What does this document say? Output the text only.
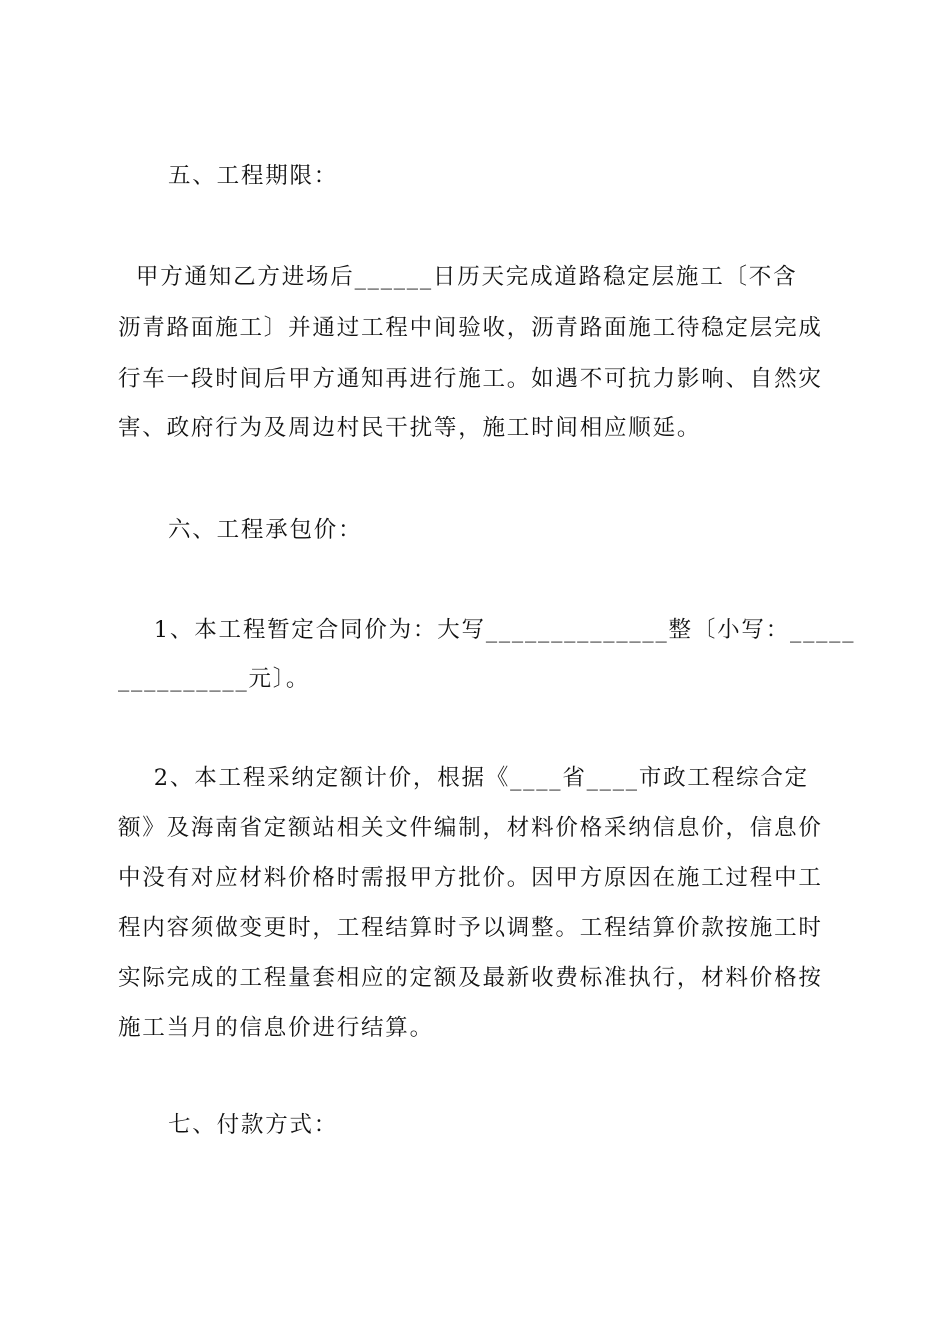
五、工程期限：
甲方通知乙方进场后______日历天完成道路稳定层施工〔不含
沥青路面施工〕并通过工程中间验收，沥青路面施工待稳定层完成
行车一段时间后甲方通知再进行施工。如遇不可抗力影响、自然灾
害、政府行为及周边村民干扰等，施工时间相应顺延。
六、工程承包价：
1、本工程暂定合同价为：大写______________整〔小写：_____
__________元〕。
2、本工程采纳定额计价，根据《____省____市政工程综合定
额》及海南省定额站相关文件编制，材料价格采纳信息价，信息价
中没有对应材料价格时需报甲方批价。因甲方原因在施工过程中工
程内容须做变更时，工程结算时予以调整。工程结算价款按施工时
实际完成的工程量套相应的定额及最新收费标准执行，材料价格按
施工当月的信息价进行结算。
七、付款方式：
